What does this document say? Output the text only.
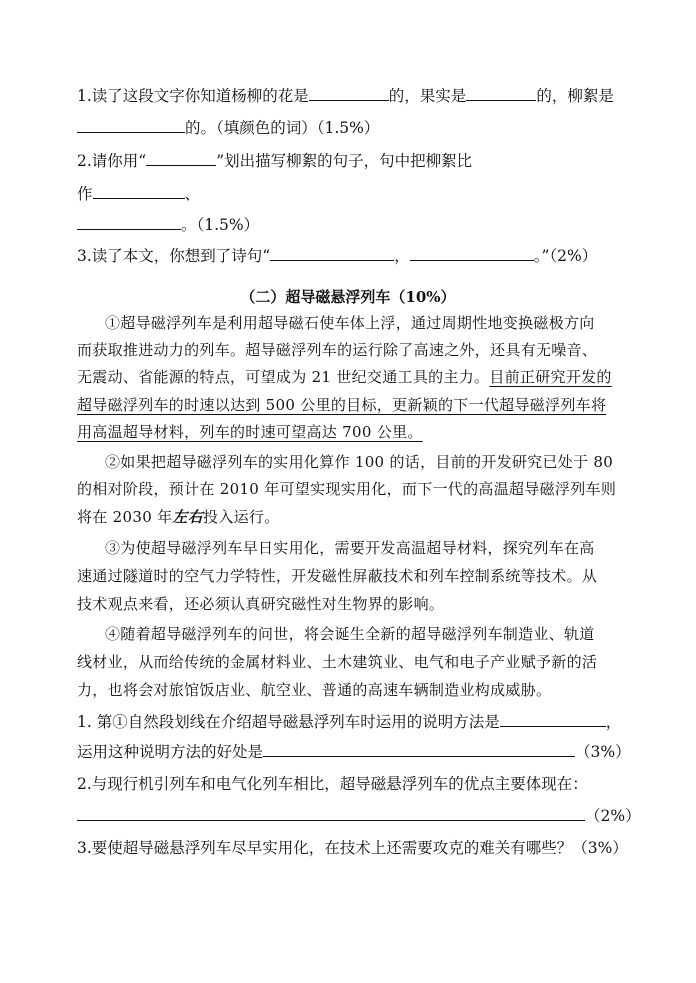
1.读了这段文字你知道杨柳的花是	的，果实是	的，柳絮是
的。（填颜色的词）（1.5%）
2.请你用“	”划出描写柳絮的句子，句中把柳絮比
作	、
。（1.5%）
3.读了本文，你想到了诗句“	，	。”（2%）
（二）超导磁悬浮列车（10%）
①超导磁浮列车是利用超导磁石使车体上浮，通过周期性地变换磁极方向
而获取推进动力的列车。超导磁浮列车的运行除了高速之外，还具有无噪音、
无震动、省能源的特点，可望成为 21 世纪交通工具的主力。目前正研究开发的
超导磁浮列车的时速以达到 500 公里的目标，更新颖的下一代超导磁浮列车将
用高温超导材料，列车的时速可望高达 700 公里。
②如果把超导磁浮列车的实用化算作 100 的话，目前的开发研究已处于 80
的相对阶段，预计在 2010 年可望实现实用化，而下一代的高温超导磁浮列车则
将在 2030 年左右投入运行。
③为使超导磁浮列车早日实用化，需要开发高温超导材料，探究列车在高
速通过隧道时的空气力学特性，开发磁性屏蔽技术和列车控制系统等技术。从
技术观点来看，还必须认真研究磁性对生物界的影响。
④随着超导磁浮列车的问世，将会诞生全新的超导磁浮列车制造业、轨道
线材业，从而给传统的金属材料业、土木建筑业、电气和电子产业赋予新的活
力，也将会对旅馆饭店业、航空业、普通的高速车辆制造业构成威胁。
1. 第①自然段划线在介绍超导磁悬浮列车时运用的说明方法是	，
运用这种说明方法的好处是	（3%）
2.与现行机引列车和电气化列车相比，超导磁悬浮列车的优点主要体现在：
（2%）
3.要使超导磁悬浮列车尽早实用化，在技术上还需要攻克的难关有哪些？（3%）
